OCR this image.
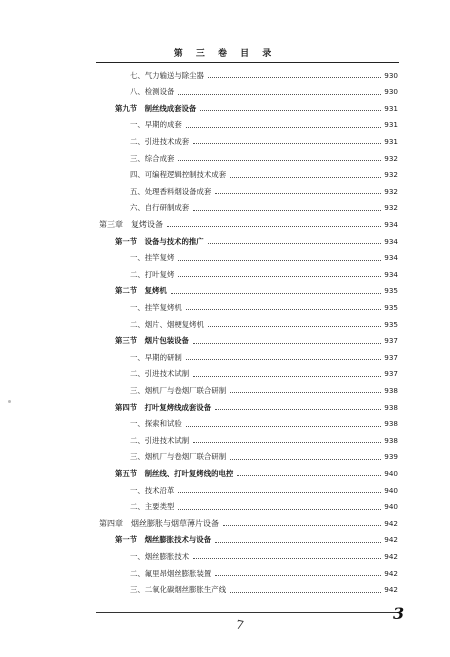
第 三 卷 目 录
七、气力输送与除尘器	930
八、检测设备	930
第九节　制丝线成套设备	931
一、早期的成套	931
二、引进技术成套	931
三、综合成套	932
四、可编程逻辑控制技术成套	932
五、处理香料烟设备成套	932
六、自行研制成套	932
第三章　复烤设备	934
第一节　设备与技术的推广	934
一、挂竿复烤	934
二、打叶复烤	934
第二节　复烤机	935
一、挂竿复烤机	935
二、烟片、烟梗复烤机	935
第三节　烟片包装设备	937
一、早期的研制	937
二、引进技术试制	937
三、烟机厂与卷烟厂联合研制	938
第四节　打叶复烤线成套设备	938
一、探索和试验	938
二、引进技术试制	938
三、烟机厂与卷烟厂联合研制	939
第五节　制丝线、打叶复烤线的电控	940
一、技术沿革	940
二、主要类型	940
第四章　烟丝膨胀与烟草薄片设备	942
第一节　烟丝膨胀技术与设备	942
一、烟丝膨胀技术	942
二、氟里昂烟丝膨胀装置	942
三、二氧化碳烟丝膨胀生产线	942
7
3
